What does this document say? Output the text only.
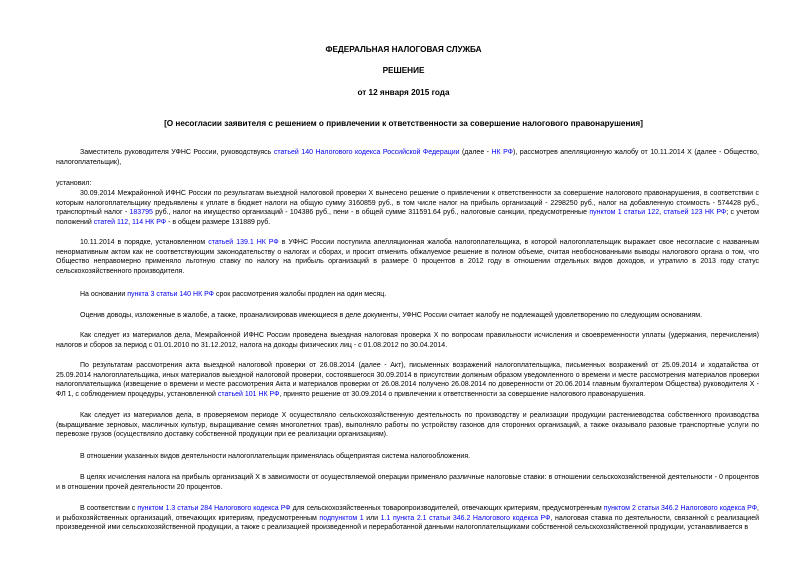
ФЕДЕРАЛЬНАЯ НАЛОГОВАЯ СЛУЖБА
РЕШЕНИЕ
от 12 января 2015 года
[О несогласии заявителя с решением о привлечении к ответственности за совершение налогового правонарушения]

Заместитель руководителя УФНС России, руководствуясь статьей 140 Налогового кодекса Российской Федерации (далее - НК РФ), рассмотрев апелляционную жалобу от 10.11.2014 Х (далее - Общество, налогоплательщик),

установил:

30.09.2014 Межрайонной ИФНС России по результатам выездной налоговой проверки Х вынесено решение о привлечении к ответственности за совершение налогового правонарушения, в соответствии с которым налогоплательщику предъявлены к уплате в бюджет налоги на общую сумму 3160859 руб., в том числе налог на прибыль организаций - 2298250 руб., налог на добавленную стоимость - 574428 руб., транспортный налог - 183795 руб., налог на имущество организаций - 104386 руб., пени - в общей сумме 311591.64 руб., налоговые санкции, предусмотренные пунктом 1 статьи 122, статьей 123 НК РФ; с учетом положений статей 112, 114 НК РФ - в общем размере 131889 руб.

10.11.2014 в порядке, установленном статьей 139.1 НК РФ в УФНС России поступила апелляционная жалоба налогоплательщика, в которой налогоплательщик выражает свое несогласие с названным ненормативным актом как не соответствующим законодательству о налогах и сборах, и просит отменить обжалуемое решение в полном объеме, считая необоснованными выводы налогового органа о том, что Общество неправомерно применяло льготную ставку по налогу на прибыль организаций в размере 0 процентов в 2012 году в отношении отдельных видов доходов, и утратило в 2013 году статус сельскохозяйственного производителя.

На основании пункта 3 статьи 140 НК РФ срок рассмотрения жалобы продлен на один месяц.

Оценив доводы, изложенные в жалобе, а также, проанализировав имеющиеся в деле документы, УФНС России считает жалобу не подлежащей удовлетворению по следующим основаниям.

Как следует из материалов дела, Межрайонной ИФНС России проведена выездная налоговая проверка Х по вопросам правильности исчисления и своевременности уплаты (удержания, перечисления) налогов и сборов за период с 01.01.2010 по 31.12.2012, налога на доходы физических лиц - с 01.08.2012 по 30.04.2014.

По результатам рассмотрения акта выездной налоговой проверки от 26.08.2014 (далее - Акт), письменных возражений налогоплательщика, письменных возражений от 25.09.2014 и ходатайства от 25.09.2014 налогоплательщика, иных материалов выездной налоговой проверки, состоявшегося 30.09.2014 в присутствии должным образом уведомленного о времени и месте рассмотрения материалов проверки налогоплательщика (извещение о времени и месте рассмотрения Акта и материалов проверки от 26.08.2014 получено 26.08.2014 по доверенности от 20.06.2014 главным бухгалтером Общества) руководителя Х - ФЛ 1, с соблюдением процедуры, установленной статьей 101 НК РФ, принято решение от 30.09.2014 о привлечении к ответственности за совершение налогового правонарушения.

Как следует из материалов дела, в проверяемом периоде Х осуществляло сельскохозяйственную деятельность по производству и реализации продукции растениеводства собственного производства (выращивание зерновых, масличных культур, выращивание семян многолетних трав), выполняло работы по устройству газонов для сторонних организаций, а также оказывало разовые транспортные услуги по перевозке грузов (осуществляло доставку собственной продукции при ее реализации организациям).

В отношении указанных видов деятельности налогоплательщик применялась общеприятая система налогообложения.

В целях исчисления налога на прибыль организаций Х в зависимости от осуществляемой операции применяло различные налоговые ставки: в отношении сельскохозяйственной деятельности - 0 процентов и в отношении прочей деятельности 20 процентов.

В соответствии с пунктом 1.3 статьи 284 Налогового кодекса РФ для сельскохозяйственных товаропроизводителей, отвечающих критериям, предусмотренным пунктом 2 статьи 346.2 Налогового кодекса РФ, и рыбохозяйственных организаций, отвечающих критериям, предусмотренным подпунктом 1 или 1.1 пункта 2.1 статьи 346.2 Налогового кодекса РФ, налоговая ставка по деятельности, связанной с реализацией произведенной ими сельскохозяйственной продукции, а также с реализацией произведенной и переработанной данными налогоплательщиками собственной сельскохозяйственной продукции, устанавливается в
